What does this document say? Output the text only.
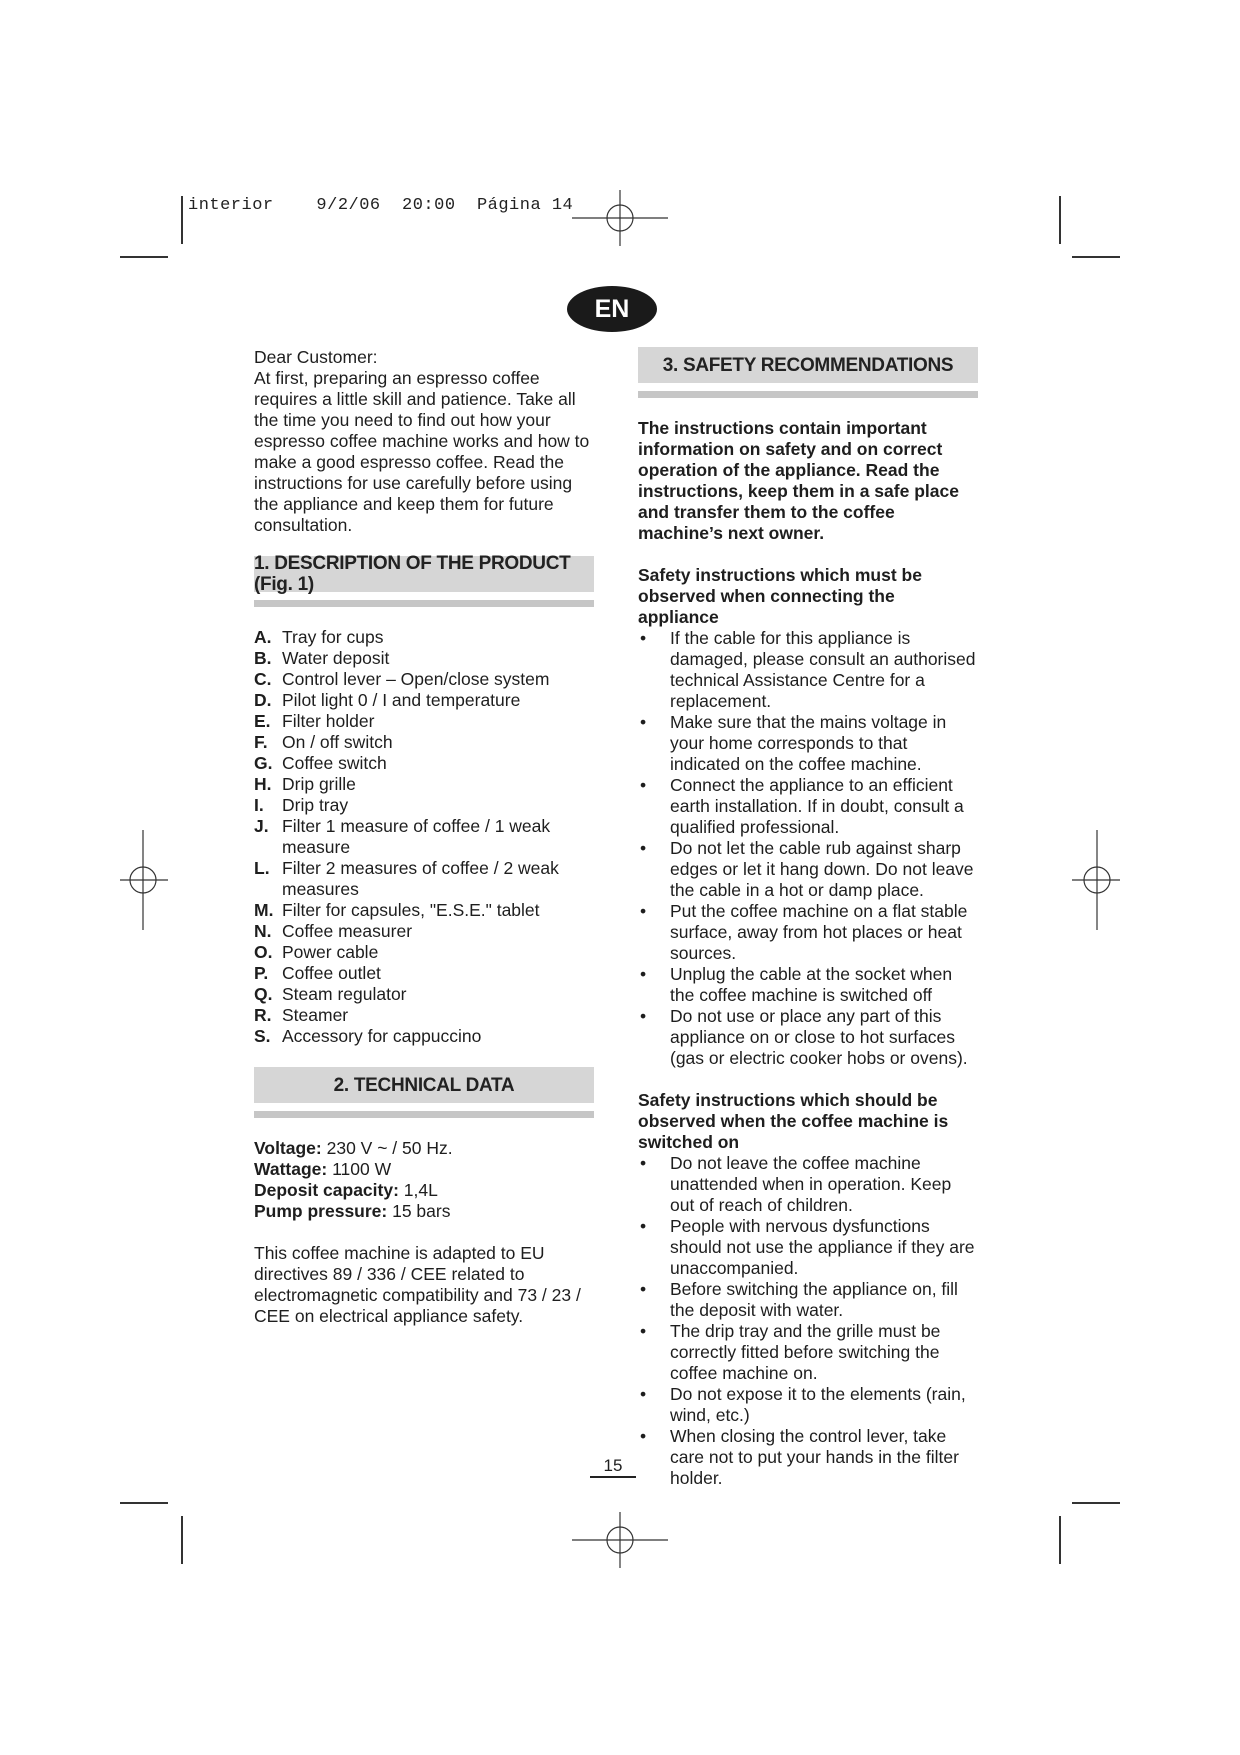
interior    9/2/06  20:00  Página 14
EN

Dear Customer:

At first, preparing an espresso coffee requires a little skill and patience. Take all the time you need to find out how your espresso coffee machine works and how to make a good espresso coffee. Read the instructions for use carefully before using the appliance and keep them for future consultation.

1. DESCRIPTION OF THE PRODUCT (Fig. 1)
A. Tray for cups
B. Water deposit
C. Control lever – Open/close system
D. Pilot light 0 / I and temperature
E. Filter holder
F. On / off switch
G. Coffee switch
H. Drip grille
I.	Drip tray
J. Filter 1 measure of coffee / 1 weak measure
L. Filter 2 measures of coffee / 2 weak measures
M. Filter for capsules, "E.S.E." tablet
N. Coffee measurer
O. Power cable
P. Coffee outlet
Q. Steam regulator
R. Steamer
S. Accessory for cappuccino
2. TECHNICAL DATA

Voltage: 230 V ~ / 50 Hz.

Wattage: 1100 W

Deposit capacity: 1,4L

Pump pressure: 15 bars

This coffee machine is adapted to EU directives 89 / 336 / CEE related to electromagnetic compatibility and 73 / 23 / CEE on electrical appliance safety.

3. SAFETY RECOMMENDATIONS

The instructions contain important information on safety and on correct operation of the appliance. Read the instructions, keep them in a safe place and transfer them to the coffee machine’s next owner.

Safety instructions which must be observed when connecting the appliance

•	If the cable for this appliance is damaged, please consult an authorised technical Assistance Centre for a replacement.
•	Make sure that the mains voltage in your home corresponds to that indicated on the coffee machine.
•	Connect the appliance to an efficient earth installation. If in doubt, consult a qualified professional.
•	Do not let the cable rub against sharp edges or let it hang down. Do not leave the cable in a hot or damp place.
•	Put the coffee machine on a flat stable surface, away from hot places or heat sources.
•	Unplug the cable at the socket when the coffee machine is switched off
•	Do not use or place any part of this appliance on or close to hot surfaces (gas or electric cooker hobs or ovens).

Safety instructions which should be observed when the coffee machine is switched on

•	Do not leave the coffee machine unattended when in operation. Keep out of reach of children.
•	People with nervous dysfunctions should not use the appliance if they are unaccompanied.
•	Before switching the appliance on, fill the deposit with water.
•	The drip tray and the grille must be correctly fitted before switching the coffee machine on.
•	Do not expose it to the elements (rain, wind, etc.)
•	When closing the control lever, take care not to put your hands in the filter holder.
15
